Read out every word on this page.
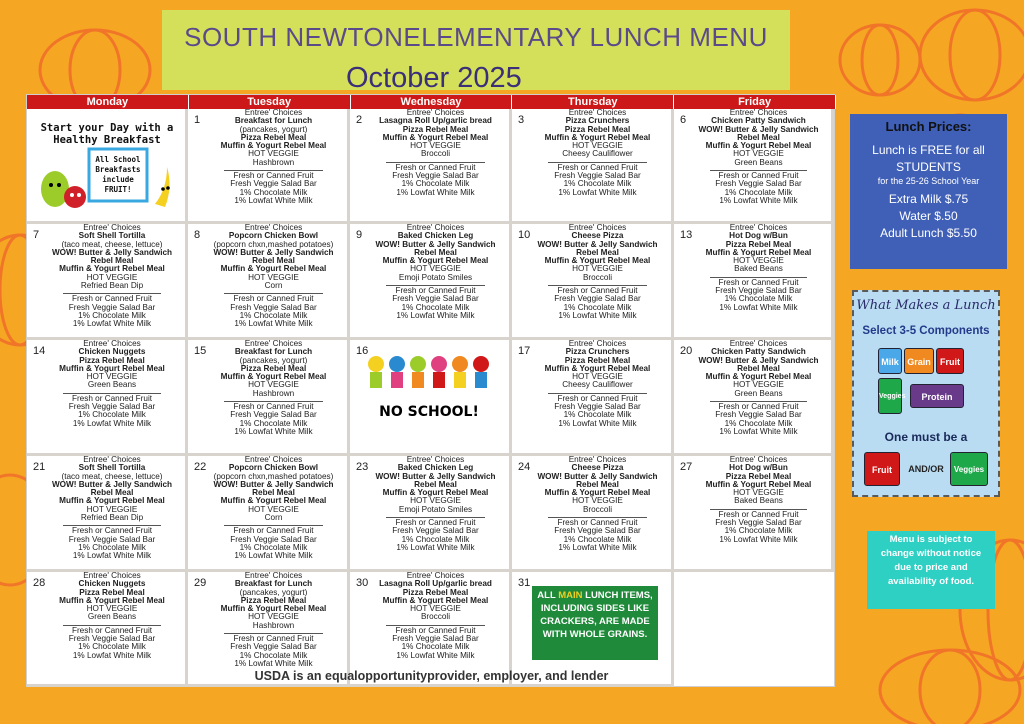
SOUTH NEWTONELEMENTARY LUNCH MENU
October 2025
Monday	Tuesday	Wednesday	Thursday	Friday
Start your Day with a
Healthy Breakfast
All School
Breakfasts
include
FRUIT!
1
Entree' Choices
Breakfast for Lunch
(pancakes, yogurt)
Pizza Rebel Meal
Muffin & Yogurt Rebel Meal
HOT VEGGIE
Hashbrown
Fresh or Canned Fruit
Fresh Veggie Salad Bar
1% Chocolate Milk
1% Lowfat White Milk
2
Entree' Choices
Lasagna Roll Up/garlic bread
Pizza Rebel Meal
Muffin & Yogurt Rebel Meal
HOT VEGGIE
Broccoli
Fresh or Canned Fruit
Fresh Veggie Salad Bar
1% Chocolate Milk
1% Lowfat White Milk
3
Entree' Choices
Pizza Crunchers
Pizza Rebel Meal
Muffin & Yogurt Rebel Meal
HOT VEGGIE
Cheesy Cauliflower
Fresh or Canned Fruit
Fresh Veggie Salad Bar
1% Chocolate Milk
1% Lowfat White Milk
6
Entree' Choices
Chicken Patty Sandwich
WOW! Butter & Jelly Sandwich
Rebel Meal
Muffin & Yogurt Rebel Meal
HOT VEGGIE
Green Beans
Fresh or Canned Fruit
Fresh Veggie Salad Bar
1% Chocolate Milk
1% Lowfat White Milk
7
Entree' Choices
Soft Shell Tortilla
(taco meat, cheese, lettuce)
WOW! Butter & Jelly Sandwich
Rebel Meal
Muffin & Yogurt Rebel Meal
HOT VEGGIE
Refried Bean Dip
Fresh or Canned Fruit
Fresh Veggie Salad Bar
1% Chocolate Milk
1% Lowfat White Milk
8
Entree' Choices
Popcorn Chicken Bowl
(popcorn chxn,mashed potatoes)
WOW! Butter & Jelly Sandwich
Rebel Meal
Muffin & Yogurt Rebel Meal
HOT VEGGIE
Corn
Fresh or Canned Fruit
Fresh Veggie Salad Bar
1% Chocolate Milk
1% Lowfat White Milk
9
Entree' Choices
Baked Chicken Leg
WOW! Butter & Jelly Sandwich
Rebel Meal
Muffin & Yogurt Rebel Meal
HOT VEGGIE
Emoji Potato Smiles
Fresh or Canned Fruit
Fresh Veggie Salad Bar
1% Chocolate Milk
1% Lowfat White Milk
10
Entree' Choices
Cheese Pizza
WOW! Butter & Jelly Sandwich
Rebel Meal
Muffin & Yogurt Rebel Meal
HOT VEGGIE
Broccoli
Fresh or Canned Fruit
Fresh Veggie Salad Bar
1% Chocolate Milk
1% Lowfat White Milk
13
Entree' Choices
Hot Dog w/Bun
Pizza Rebel Meal
Muffin & Yogurt Rebel Meal
HOT VEGGIE
Baked Beans
Fresh or Canned Fruit
Fresh Veggie Salad Bar
1% Chocolate Milk
1% Lowfat White Milk
14
Entree' Choices
Chicken Nuggets
Pizza Rebel Meal
Muffin & Yogurt Rebel Meal
HOT VEGGIE
Green Beans
Fresh or Canned Fruit
Fresh Veggie Salad Bar
1% Chocolate Milk
1% Lowfat White Milk
15
Entree' Choices
Breakfast for Lunch
(pancakes, yogurt)
Pizza Rebel Meal
Muffin & Yogurt Rebel Meal
HOT VEGGIE
Hashbrown
Fresh or Canned Fruit
Fresh Veggie Salad Bar
1% Chocolate Milk
1% Lowfat White Milk
16
NO SCHOOL!
17
Entree' Choices
Pizza Crunchers
Pizza Rebel Meal
Muffin & Yogurt Rebel Meal
HOT VEGGIE
Cheesy Cauliflower
Fresh or Canned Fruit
Fresh Veggie Salad Bar
1% Chocolate Milk
1% Lowfat White Milk
20
Entree' Choices
Chicken Patty Sandwich
WOW! Butter & Jelly Sandwich
Rebel Meal
Muffin & Yogurt Rebel Meal
HOT VEGGIE
Green Beans
Fresh or Canned Fruit
Fresh Veggie Salad Bar
1% Chocolate Milk
1% Lowfat White Milk
21
Entree' Choices
Soft Shell Tortilla
(taco meat, cheese, lettuce)
WOW! Butter & Jelly Sandwich
Rebel Meal
Muffin & Yogurt Rebel Meal
HOT VEGGIE
Refried Bean Dip
Fresh or Canned Fruit
Fresh Veggie Salad Bar
1% Chocolate Milk
1% Lowfat White Milk
22
Entree' Choices
Popcorn Chicken Bowl
(popcorn chxn,mashed potatoes)
WOW! Butter & Jelly Sandwich
Rebel Meal
Muffin & Yogurt Rebel Meal
HOT VEGGIE
Corn
Fresh or Canned Fruit
Fresh Veggie Salad Bar
1% Chocolate Milk
1% Lowfat White Milk
23
Entree' Choices
Baked Chicken Leg
WOW! Butter & Jelly Sandwich
Rebel Meal
Muffin & Yogurt Rebel Meal
HOT VEGGIE
Emoji Potato Smiles
Fresh or Canned Fruit
Fresh Veggie Salad Bar
1% Chocolate Milk
1% Lowfat White Milk
24
Entree' Choices
Cheese Pizza
WOW! Butter & Jelly Sandwich
Rebel Meal
Muffin & Yogurt Rebel Meal
HOT VEGGIE
Broccoli
Fresh or Canned Fruit
Fresh Veggie Salad Bar
1% Chocolate Milk
1% Lowfat White Milk
27
Entree' Choices
Hot Dog w/Bun
Pizza Rebel Meal
Muffin & Yogurt Rebel Meal
HOT VEGGIE
Baked Beans
Fresh or Canned Fruit
Fresh Veggie Salad Bar
1% Chocolate Milk
1% Lowfat White Milk
28
Entree' Choices
Chicken Nuggets
Pizza Rebel Meal
Muffin & Yogurt Rebel Meal
HOT VEGGIE
Green Beans
Fresh or Canned Fruit
Fresh Veggie Salad Bar
1% Chocolate Milk
1% Lowfat White Milk
29
Entree' Choices
Breakfast for Lunch
(pancakes, yogurt)
Pizza Rebel Meal
Muffin & Yogurt Rebel Meal
HOT VEGGIE
Hashbrown
Fresh or Canned Fruit
Fresh Veggie Salad Bar
1% Chocolate Milk
1% Lowfat White Milk
30
Entree' Choices
Lasagna Roll Up/garlic bread
Pizza Rebel Meal
Muffin & Yogurt Rebel Meal
HOT VEGGIE
Broccoli
Fresh or Canned Fruit
Fresh Veggie Salad Bar
1% Chocolate Milk
1% Lowfat White Milk
31
ALL MAIN LUNCH ITEMS,
INCLUDING SIDES LIKE
CRACKERS, ARE MADE
WITH WHOLE GRAINS.
USDA is an equalopportunityprovider, employer, and lender
Lunch Prices:
Lunch is FREE for all
STUDENTS
for the 25-26 School Year
Extra Milk $.75
Water $.50
Adult Lunch $5.50
What Makes a Lunch
Select 3-5 Components
Milk Grain	Fruit
Veggies	Protein
One must be a
Fruit	AND/OR	Veggies
Menu is subject to
change without notice
due to price and
availability of food.
